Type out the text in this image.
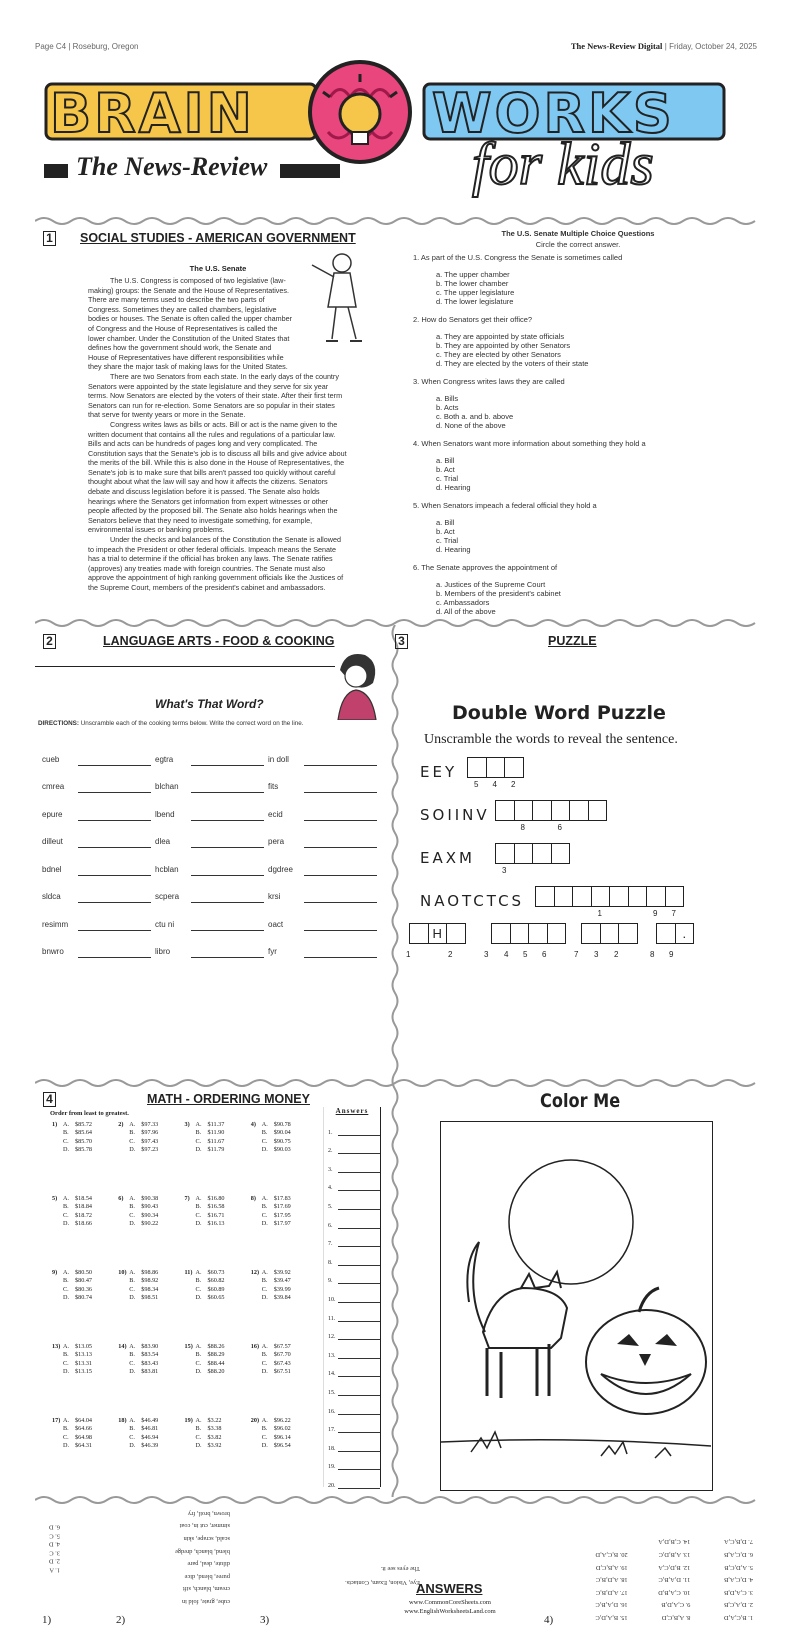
Page C4 | Roseburg, Oregon	The News-Review Digital | Friday, October 24, 2025
BRAIN	WORKS
The News-Review	for kids
1 SOCIAL STUDIES - AMERICAN GOVERNMENT
The U.S. Senate

The U.S. Congress is composed of two legislative (law-making) groups: the Senate and the House of Representatives. There are many terms used to describe the two parts of Congress. Sometimes they are called chambers, legislative bodies or houses. The Senate is often called the upper chamber of Congress and the House of Representatives is called the lower chamber. Under the Constitution of the United States that defines how the government should work, the Senate and House of Representatives have different responsibilities while they share the major task of making laws for the United States.

There are two Senators from each state. In the early days of the country Senators were appointed by the state legislature and they serve for six year terms. Now Senators are elected by the voters of their state. After their first term Senators can run for re-election. Some Senators are so popular in their states that serve for twenty years or more in the Senate.

Congress writes laws as bills or acts. Bill or act is the name given to the written document that contains all the rules and regulations of a particular law. Bills and acts can be hundreds of pages long and very complicated. The Constitution says that the Senate's job is to discuss all bills and give advice about the merits of the bill. While this is also done in the House of Representatives, the Senate's job is to make sure that bills aren't passed too quickly without careful thought about what the law will say and how it affects the citizens. Senators debate and discuss legislation before it is passed. The Senate also holds hearings where the Senators get information from expert witnesses or other people affected by the proposed bill. The Senate also holds hearings when the Senators believe that they need to investigate something, for example, environmental issues or banking problems.

Under the checks and balances of the Constitution the Senate is allowed to impeach the President or other federal officials. Impeach means the Senate has a trial to determine if the official has broken any laws. The Senate ratifies (approves) any treaties made with foreign countries. The Senate must also approve the appointment of high ranking government officials like the Justices of the Supreme Court, members of the president's cabinet and ambassadors.

The U.S. Senate Multiple Choice Questions
Circle the correct answer.
1. As part of the U.S. Congress the Senate is sometimes called
a. The upper chamber
b. The lower chamber
c. The upper legislature
d. The lower legislature
2. How do Senators get their office?
a. They are appointed by state officials
b. They are appointed by other Senators
c. They are elected by other Senators
d. They are elected by the voters of their state
3. When Congress writes laws they are called
a. Bills
b. Acts
c. Both a. and b. above
d. None of the above
4. When Senators want more information about something they hold a
a. Bill
b. Act
c. Trial
d. Hearing
5. When Senators impeach a federal official they hold a
a. Bill
b. Act
c. Trial
d. Hearing
6. The Senate approves the appointment of
a. Justices of the Supreme Court
b. Members of the president's cabinet
c. Ambassadors
d. All of the above
2	LANGUAGE ARTS - FOOD & COOKING
What's That Word?
DIRECTIONS: Unscramble each of the cooking terms below. Write the correct word on the line.
cueb	egtra	in doll
cmrea	blchan	fits
epure	lbend	ecid
dilleut	dlea	pera
bdnel	hcblan	dgdree
sldca	scpera	krsi
resimm	ctu ni	oact
bnwro	libro	fyr
3	PUZZLE
Double Word Puzzle
Unscramble the words to reveal the sentence.
EEY
5 4 2
SOIINV
8	6
EAXM
3
NAOTCTCS
1	9 7
H	.
1	2	3 4 5 6	7 3 2	8 9
4	MATH - ORDERING MONEY
Order from least to greatest.
1) A. $85.72
B. $85.64
C. $85.70
D. $85.78
2) A. $97.33
B. $97.96
C. $97.43
D. $97.23
3) A. $11.37
B. $11.90
C. $11.67
D. $11.79
4) A. $90.78
B. $90.04
C. $90.75
D. $90.03
5) A. $18.54
B. $18.84
C. $18.72
D. $18.66
6) A. $90.38
B. $90.43
C. $90.34
D. $90.22
7) A. $16.80
B. $16.58
C. $16.71
D. $16.13
8) A. $17.83
B. $17.69
C. $17.95
D. $17.97
9) A. $80.50
B. $80.47
C. $80.36
D. $80.74
10) A. $98.86
B. $98.92
C. $98.34
D. $98.51
11) A. $60.73
B. $60.82
C. $60.89
D. $60.65
12) A. $39.92
B. $39.47
C. $39.99
D. $39.84
13) A. $13.05
B. $13.13
C. $13.31
D. $13.15
14) A. $83.90
B. $83.54
C. $83.43
D. $83.81
15) A. $88.26
B. $88.29
C. $88.44
D. $88.20
16) A. $67.57
B. $67.70
C. $67.43
D. $67.51
17) A. $64.04
B. $64.66
C. $64.98
D. $64.31
18) A. $46.49
B. $46.81
C. $46.94
D. $46.39
19) A. $3.22
B. $3.38
C. $3.82
D. $3.92
20) A. $96.22
B. $96.02
C. $96.14
D. $96.54
Answers
1.
2.
3.
4.
5.
6.
7.
8.
9.
10.
11.
12.
13.
14.
15.
16.
17.
18.
19.
20.
Color Me
1. A
2. D
3. C
4. D
5. C
6. D
cube, grate, fold in
cream, blanch, sift
puree, blend, dice
dilute, deal, pare
blend, blanch, dredge
scald, scrape, skin
simmer, cut in, coat
brown, broil, fry
Eye, Vision, Exam, Contacts.
The eyes see it.
1. B,C,A,D
2. D,A,C,B
3. C,A,D,B
4. D,C,A,B
5. A,D,C,B
6. D,C,A,B
7. D,B,C,A
8. A,B,C,D
9. C,A,D,B
10. C,A,B,D
11. D,A,B,C
12. B,D,C,A
13. A,B,D,C
14. C,B,D,A
15. B,A,D,C
16. D,A,B,C
17. A,D,B,C
18. A,D,B,C
19. A,B,C,D
20. B,C,A,D
1)	2)	3)	4)
ANSWERS
www.CommonCoreSheets.com
www.EnglishWorksheetsLand.com
